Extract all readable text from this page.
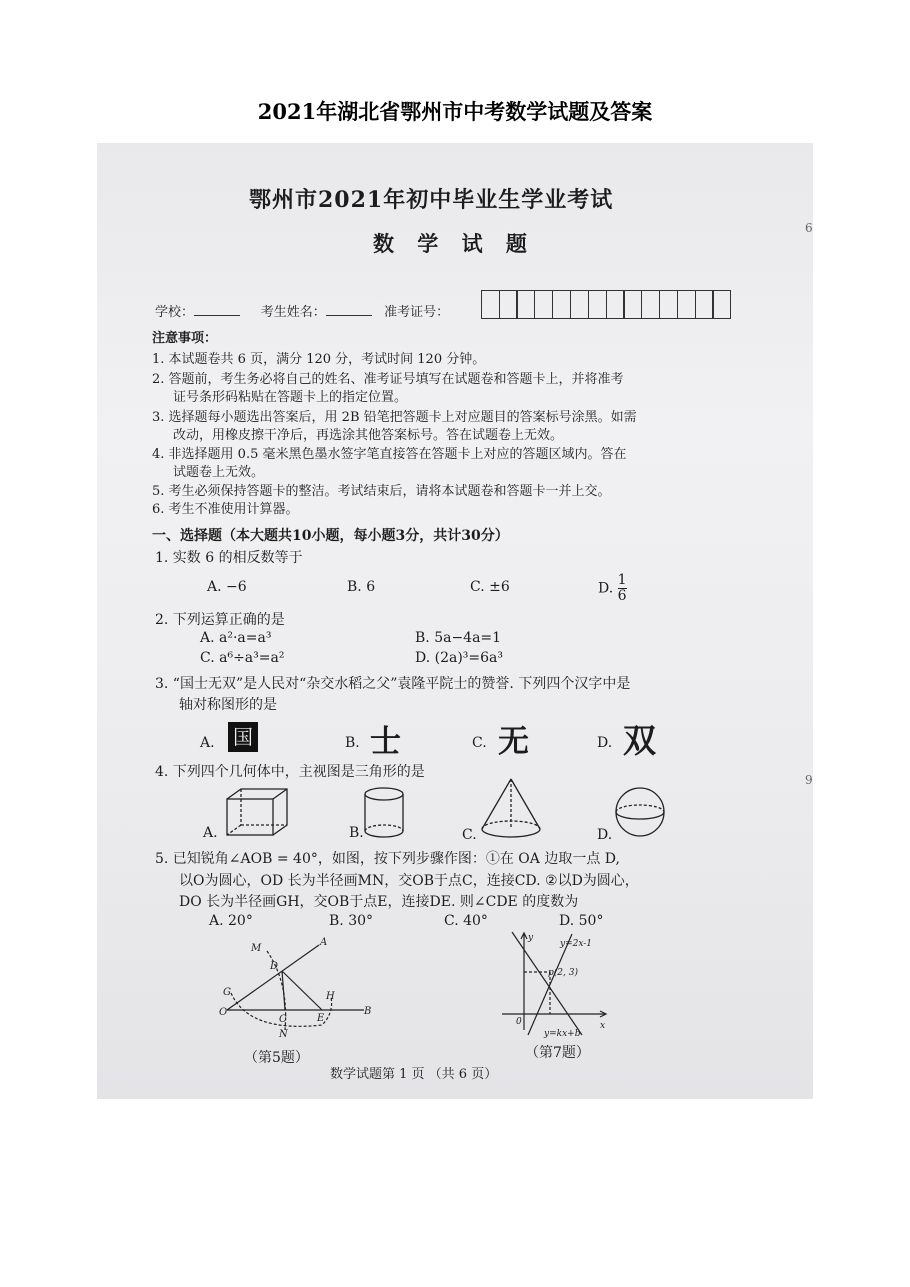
2021年湖北省鄂州市中考数学试题及答案
6
9
鄂州市2021年初中毕业生学业考试
数 学 试 题
学校：	考生姓名：	准考证号：
注意事项：
1. 本试题卷共 6 页，满分 120 分，考试时间 120 分钟。
2. 答题前，考生务必将自己的姓名、准考证号填写在试题卷和答题卡上，并将准考
证号条形码粘贴在答题卡上的指定位置。
3. 选择题每小题选出答案后，用 2B 铅笔把答题卡上对应题目的答案标号涂黑。如需
改动，用橡皮擦干净后，再选涂其他答案标号。答在试题卷上无效。
4. 非选择题用 0.5 毫米黑色墨水签字笔直接答在答题卡上对应的答题区域内。答在
试题卷上无效。
5. 考生必须保持答题卡的整洁。考试结束后，请将本试题卷和答题卡一并上交。
6. 考生不准使用计算器。
一、选择题（本大题共10小题，每小题3分，共计30分）
1. 实数 6 的相反数等于
A. −6	B. 6	C. ±6	D. $\frac{1}{6}$
2. 下列运算正确的是
A. a²·a=a³	B. 5a−4a=1
C. a⁶÷a³=a²	D. (2a)³=6a³
3. “国士无双”是人民对“杂交水稻之父”袁隆平院士的赞誉. 下列四个汉字中是
轴对称图形的是
A. 国	B. 士	C. 无	D. 双
4. 下列四个几何体中，主视图是三角形的是
A.	B.	C.	D.
5. 已知锐角∠AOB = 40°，如图，按下列步骤作图：①在 OA 边取一点 D,
以O为圆心，OD 长为半径画MN，交OB于点C，连接CD. ②以D为圆心，
DO 长为半径画GH，交OB于点E，连接DE. 则∠CDE 的度数为
A. 20°	B. 30°	C. 40°	D. 50°
M
A
D
G
O
C	E
H
B
N
（第5题）
y
y=2x-1
p(2, 3)
0	x
y=kx+b
（第7题）
数学试题第 1 页 （共 6 页）
